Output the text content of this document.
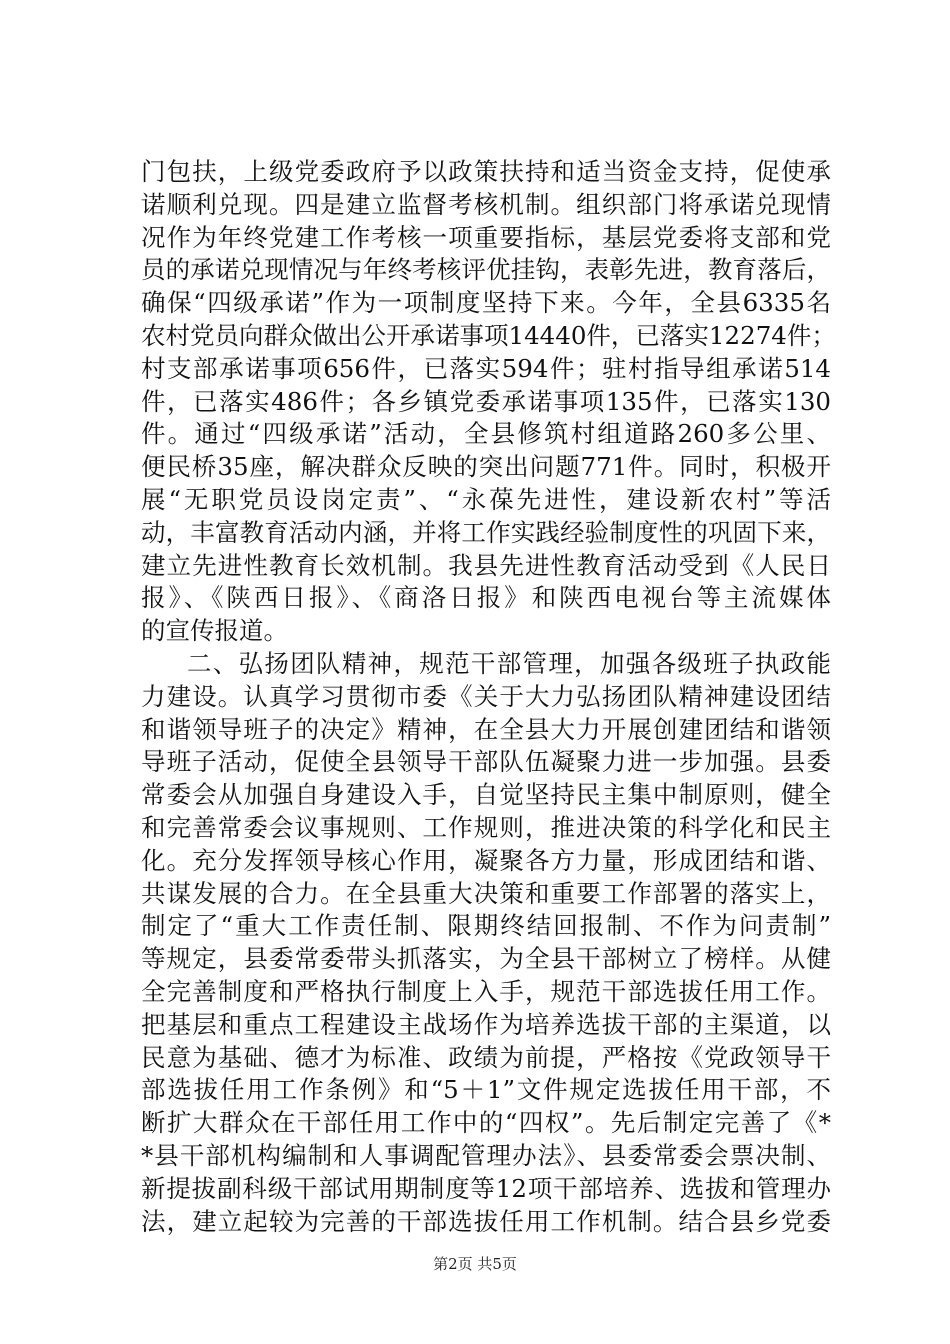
门包扶，上级党委政府予以政策扶持和适当资金支持，促使承
诺顺利兑现。四是建立监督考核机制。组织部门将承诺兑现情
况作为年终党建工作考核一项重要指标，基层党委将支部和党
员的承诺兑现情况与年终考核评优挂钩，表彰先进，教育落后，
确保“四级承诺”作为一项制度坚持下来。今年，全县6335名
农村党员向群众做出公开承诺事项14440件，已落实12274件；
村支部承诺事项656件，已落实594件；驻村指导组承诺514
件，已落实486件；各乡镇党委承诺事项135件，已落实130
件。通过“四级承诺”活动，全县修筑村组道路260多公里、
便民桥35座，解决群众反映的突出问题771件。同时，积极开
展“无职党员设岗定责”、“永葆先进性，建设新农村”等活
动，丰富教育活动内涵，并将工作实践经验制度性的巩固下来，
建立先进性教育长效机制。我县先进性教育活动受到《人民日
报》、《陕西日报》、《商洛日报》和陕西电视台等主流媒体
的宣传报道。
二、弘扬团队精神，规范干部管理，加强各级班子执政能
力建设。认真学习贯彻市委《关于大力弘扬团队精神建设团结
和谐领导班子的决定》精神，在全县大力开展创建团结和谐领
导班子活动，促使全县领导干部队伍凝聚力进一步加强。县委
常委会从加强自身建设入手，自觉坚持民主集中制原则，健全
和完善常委会议事规则、工作规则，推进决策的科学化和民主
化。充分发挥领导核心作用，凝聚各方力量，形成团结和谐、
共谋发展的合力。在全县重大决策和重要工作部署的落实上，
制定了“重大工作责任制、限期终结回报制、不作为问责制”
等规定，县委常委带头抓落实，为全县干部树立了榜样。从健
全完善制度和严格执行制度上入手，规范干部选拔任用工作。
把基层和重点工程建设主战场作为培养选拔干部的主渠道，以
民意为基础、德才为标准、政绩为前提，严格按《党政领导干
部选拔任用工作条例》和“5＋1”文件规定选拔任用干部，不
断扩大群众在干部任用工作中的“四权”。先后制定完善了《*
*县干部机构编制和人事调配管理办法》、县委常委会票决制、
新提拔副科级干部试用期制度等12项干部培养、选拔和管理办
法，建立起较为完善的干部选拔任用工作机制。结合县乡党委
第2页 共5页
